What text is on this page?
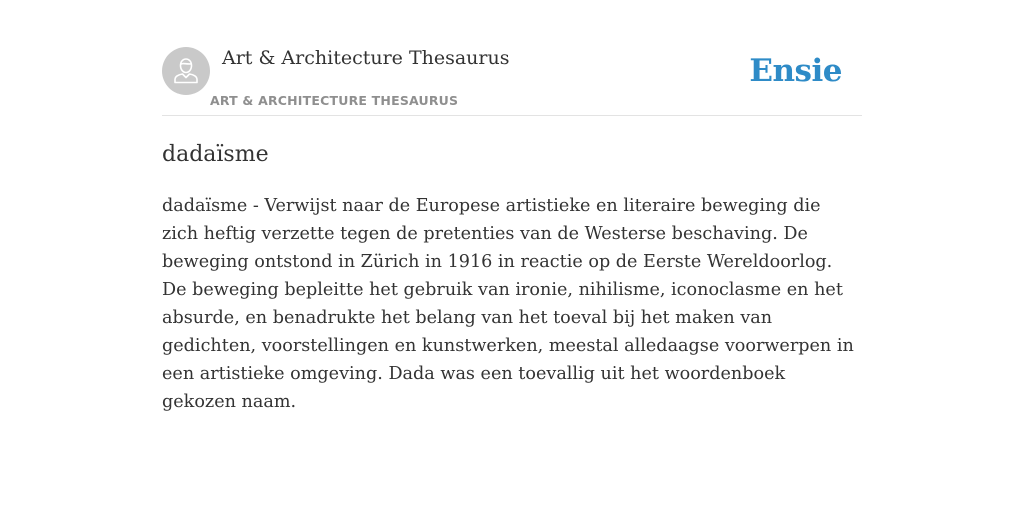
Art & Architecture Thesaurus
ART & ARCHITECTURE THESAURUS
Ensie
dadaïsme

dadaïsme - Verwijst naar de Europese artistieke en literaire beweging die zich heftig verzette tegen de pretenties van de Westerse beschaving. De beweging ontstond in Zürich in 1916 in reactie op de Eerste Wereldoorlog. De beweging bepleitte het gebruik van ironie, nihilisme, iconoclasme en het absurde, en benadrukte het belang van het toeval bij het maken van gedichten, voorstellingen en kunstwerken, meestal alledaagse voorwerpen in een artistieke omgeving. Dada was een toevallig uit het woordenboek gekozen naam.
